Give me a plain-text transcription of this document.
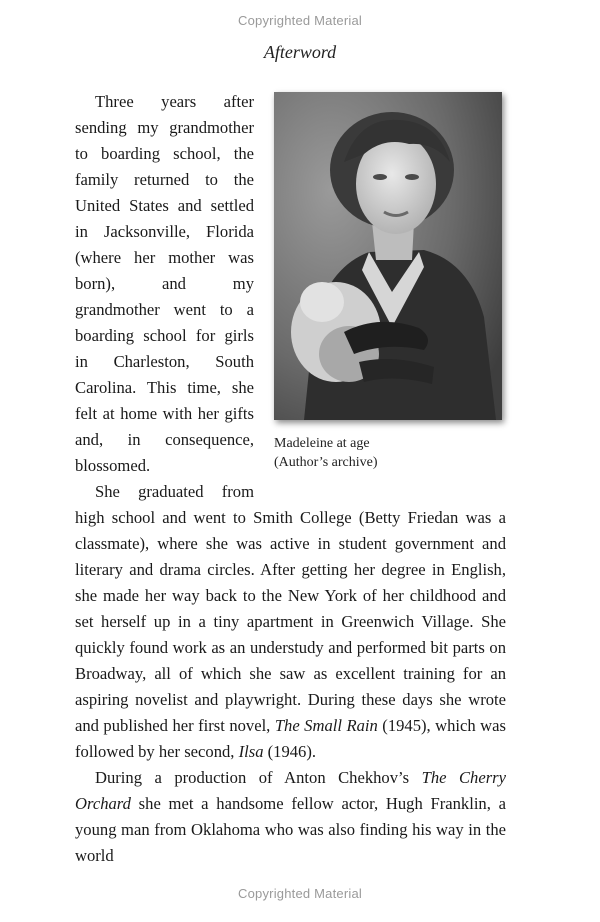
Copyrighted Material
Afterword
Madeleine at age
(Author’s archive)

Three years after sending my grandmother to boarding school, the family returned to the United States and settled in Jacksonville, Florida (where her mother was born), and my grandmother went to a boarding school for girls in Charleston, South Carolina. This time, she felt at home with her gifts and, in consequence, blossomed.

She graduated from high school and went to Smith College (Betty Friedan was a classmate), where she was active in student government and literary and drama circles. After getting her degree in English, she made her way back to the New York of her childhood and set herself up in a tiny apartment in Greenwich Village. She quickly found work as an understudy and performed bit parts on Broadway, all of which she saw as excellent training for an aspiring novelist and playwright. During these days she wrote and published her first novel, The Small Rain (1945), which was followed by her second, Ilsa (1946).

During a production of Anton Chekhov’s The Cherry Orchard she met a handsome fellow actor, Hugh Franklin, a young man from Oklahoma who was also finding his way in the world

Copyrighted Material
